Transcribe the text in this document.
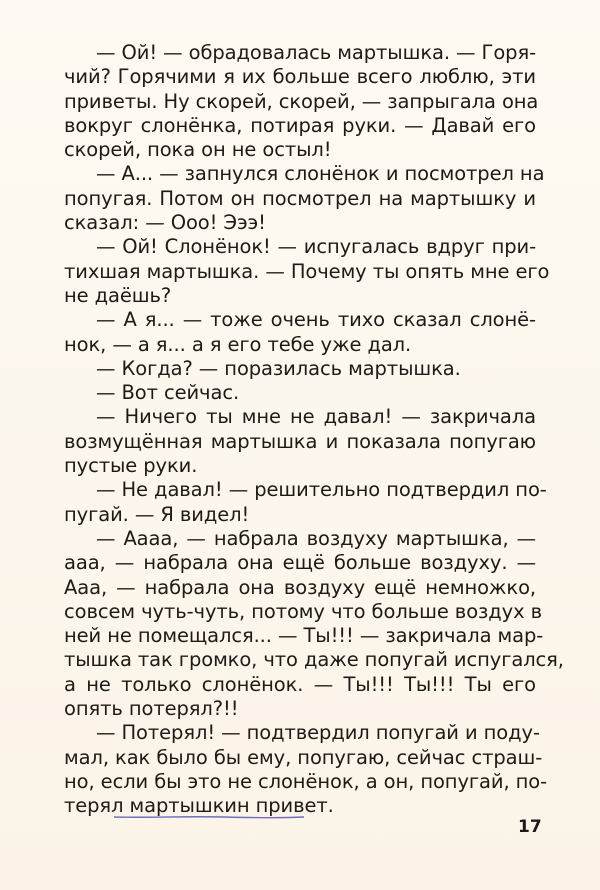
— Ой! — обрадовалась мартышка. — Горя-
чий? Горячими я их больше всего люблю, эти
приветы. Ну скорей, скорей, — запрыгала она
вокруг слонёнка, потирая руки. — Давай его
скорей, пока он не остыл!
— А... — запнулся слонёнок и посмотрел на
попугая. Потом он посмотрел на мартышку и
сказал: — Ооо! Эээ!
— Ой! Слонёнок! — испугалась вдруг при-
тихшая мартышка. — Почему ты опять мне его
не даёшь?
— А я... — тоже очень тихо сказал слонё-
нок, — а я... а я его тебе уже дал.
— Когда? — поразилась мартышка.
— Вот сейчас.
— Ничего ты мне не давал! — закричала
возмущённая мартышка и показала попугаю
пустые руки.
— Не давал! — решительно подтвердил по-
пугай. — Я видел!
— Аааа, — набрала воздуху мартышка, —
ааа, — набрала она ещё больше воздуху. —
Ааа, — набрала она воздуху ещё немножко,
совсем чуть-чуть, потому что больше воздух в
ней не помещался... — Ты!!! — закричала мар-
тышка так громко, что даже попугай испугался,
а не только слонёнок. — Ты!!! Ты!!! Ты его
опять потерял?!!
— Потерял! — подтвердил попугай и поду-
мал, как было бы ему, попугаю, сейчас страш-
но, если бы это не слонёнок, а он, попугай, по-
терял мартышкин привет.
17
